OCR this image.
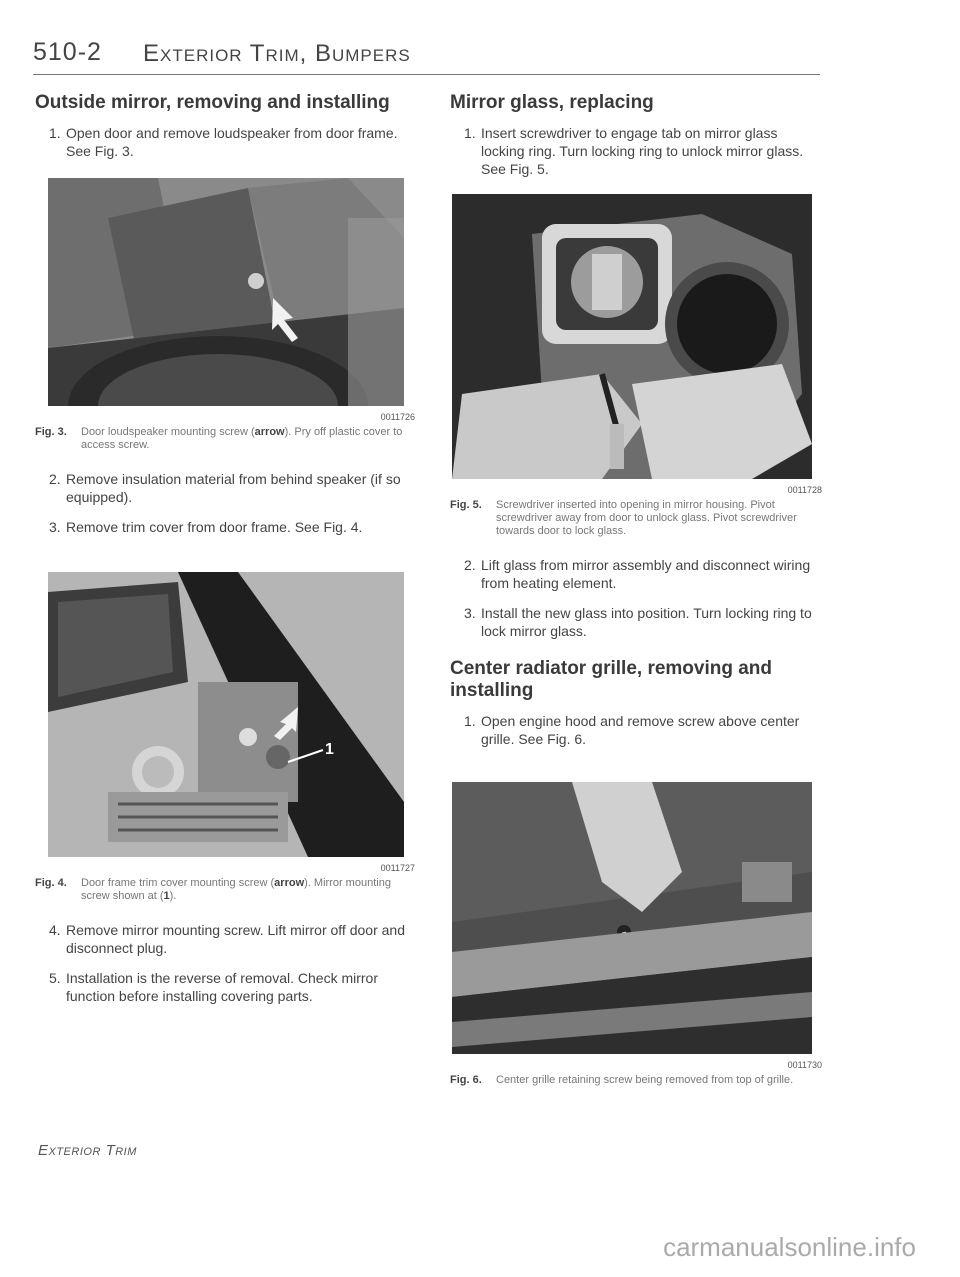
510-2 Exterior Trim, Bumpers
Outside mirror, removing and installing
1. Open door and remove loudspeaker from door frame. See Fig. 3.
0011726
Fig. 3. Door loudspeaker mounting screw (arrow). Pry off plastic cover to access screw.
2. Remove insulation material from behind speaker (if so equipped).
3. Remove trim cover from door frame. See Fig. 4.
1
0011727
Fig. 4. Door frame trim cover mounting screw (arrow). Mirror mounting screw shown at (1).
4. Remove mirror mounting screw. Lift mirror off door and disconnect plug.
5. Installation is the reverse of removal. Check mirror function before installing covering parts.
Mirror glass, replacing
1. Insert screwdriver to engage tab on mirror glass locking ring. Turn locking ring to unlock mirror glass. See Fig. 5.
0011728
Fig. 5. Screwdriver inserted into opening in mirror housing. Pivot screwdriver away from door to unlock glass. Pivot screwdriver towards door to lock glass.
2. Lift glass from mirror assembly and disconnect wiring from heating element.
3. Install the new glass into position. Turn locking ring to lock mirror glass.
Center radiator grille, removing and installing
1. Open engine hood and remove screw above center grille. See Fig. 6.
0011730
Fig. 6. Center grille retaining screw being removed from top of grille.
Exterior Trim
carmanualsonline.info
